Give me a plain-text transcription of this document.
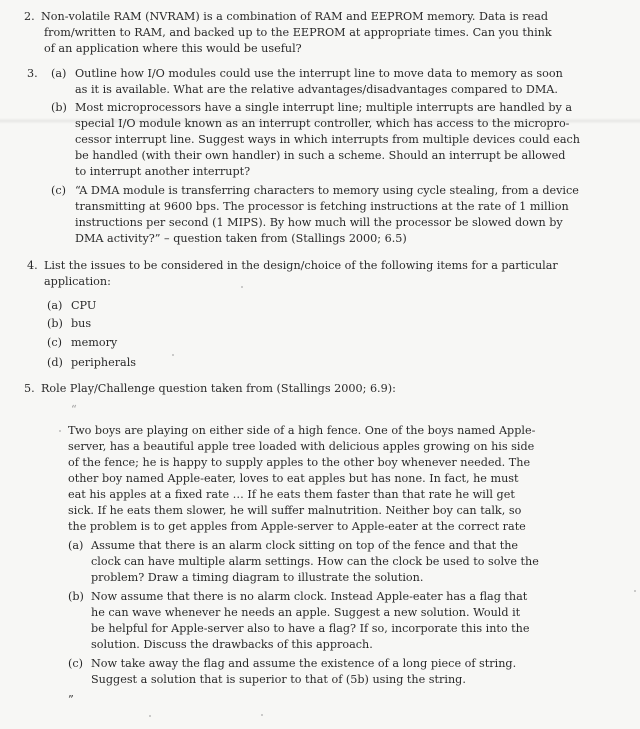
2. Non-volatile RAM (NVRAM) is a combination of RAM and EEPROM memory. Data is read
from/written to RAM, and backed up to the EEPROM at appropriate times. Can you think
of an application where this would be useful?
3. (a) Outline how I/O modules could use the interrupt line to move data to memory as soon
as it is available. What are the relative advantages/disadvantages compared to DMA.
(b) Most microprocessors have a single interrupt line; multiple interrupts are handled by a
special I/O module known as an interrupt controller, which has access to the micropro-
cessor interrupt line. Suggest ways in which interrupts from multiple devices could each
be handled (with their own handler) in such a scheme. Should an interrupt be allowed
to interrupt another interrupt?
(c) “A DMA module is transferring characters to memory using cycle stealing, from a device
transmitting at 9600 bps. The processor is fetching instructions at the rate of 1 million
instructions per second (1 MIPS). By how much will the processor be slowed down by
DMA activity?” – question taken from (Stallings 2000; 6.5)
4. List the issues to be considered in the design/choice of the following items for a particular
application:
(a) CPU
(b) bus
(c) memory
(d) peripherals
5. Role Play/Challenge question taken from (Stallings 2000; 6.9):
“
Two boys are playing on either side of a high fence. One of the boys named Apple-
server, has a beautiful apple tree loaded with delicious apples growing on his side
of the fence; he is happy to supply apples to the other boy whenever needed. The
other boy named Apple-eater, loves to eat apples but has none. In fact, he must
eat his apples at a fixed rate … If he eats them faster than that rate he will get
sick. If he eats them slower, he will suffer malnutrition. Neither boy can talk, so
the problem is to get apples from Apple-server to Apple-eater at the correct rate
(a) Assume that there is an alarm clock sitting on top of the fence and that the
clock can have multiple alarm settings. How can the clock be used to solve the
problem? Draw a timing diagram to illustrate the solution.
(b) Now assume that there is no alarm clock. Instead Apple-eater has a flag that
he can wave whenever he needs an apple. Suggest a new solution. Would it
be helpful for Apple-server also to have a flag? If so, incorporate this into the
solution. Discuss the drawbacks of this approach.
(c) Now take away the flag and assume the existence of a long piece of string.
Suggest a solution that is superior to that of (5b) using the string.
”
